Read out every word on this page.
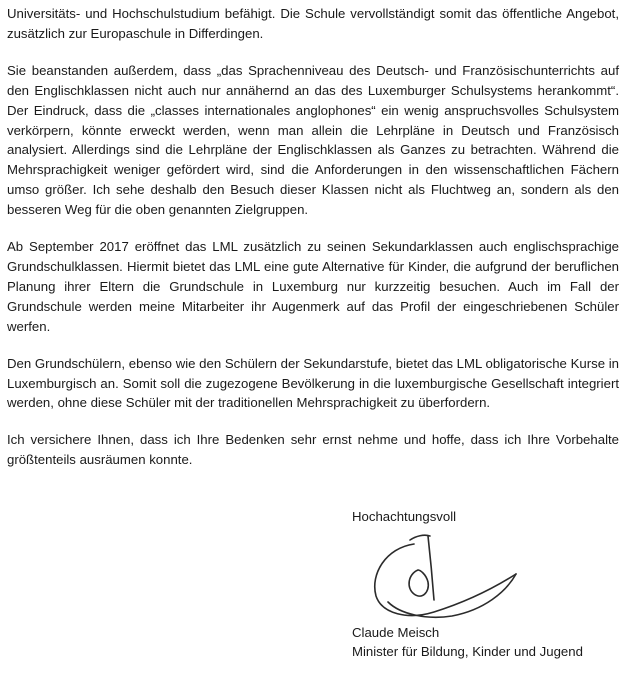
Universitäts- und Hochschulstudium befähigt. Die Schule vervollständigt somit das öffentliche Angebot, zusätzlich zur Europaschule in Differdingen.

Sie beanstanden außerdem, dass „das Sprachenniveau des Deutsch- und Französischunterrichts auf den Englischklassen nicht auch nur annähernd an das des Luxemburger Schulsystems herankommt“. Der Eindruck, dass die „classes internationales anglophones“ ein wenig anspruchsvolles Schulsystem verkörpern, könnte erweckt werden, wenn man allein die Lehrpläne in Deutsch und Französisch analysiert. Allerdings sind die Lehrpläne der Englischklassen als Ganzes zu betrachten. Während die Mehrsprachigkeit weniger gefördert wird, sind die Anforderungen in den wissenschaftlichen Fächern umso größer. Ich sehe deshalb den Besuch dieser Klassen nicht als Fluchtweg an, sondern als den besseren Weg für die oben genannten Zielgruppen.

Ab September 2017 eröffnet das LML zusätzlich zu seinen Sekundarklassen auch englischsprachige Grundschulklassen. Hiermit bietet das LML eine gute Alternative für Kinder, die aufgrund der beruflichen Planung ihrer Eltern die Grundschule in Luxemburg nur kurzzeitig besuchen. Auch im Fall der Grundschule werden meine Mitarbeiter ihr Augenmerk auf das Profil der eingeschriebenen Schüler werfen.

Den Grundschülern, ebenso wie den Schülern der Sekundarstufe, bietet das LML obligatorische Kurse in Luxemburgisch an. Somit soll die zugezogene Bevölkerung in die luxemburgische Gesellschaft integriert werden, ohne diese Schüler mit der traditionellen Mehrsprachigkeit zu überfordern.

Ich versichere Ihnen, dass ich Ihre Bedenken sehr ernst nehme und hoffe, dass ich Ihre Vorbehalte größtenteils ausräumen konnte.

Hochachtungsvoll
Claude Meisch
Minister für Bildung, Kinder und Jugend
